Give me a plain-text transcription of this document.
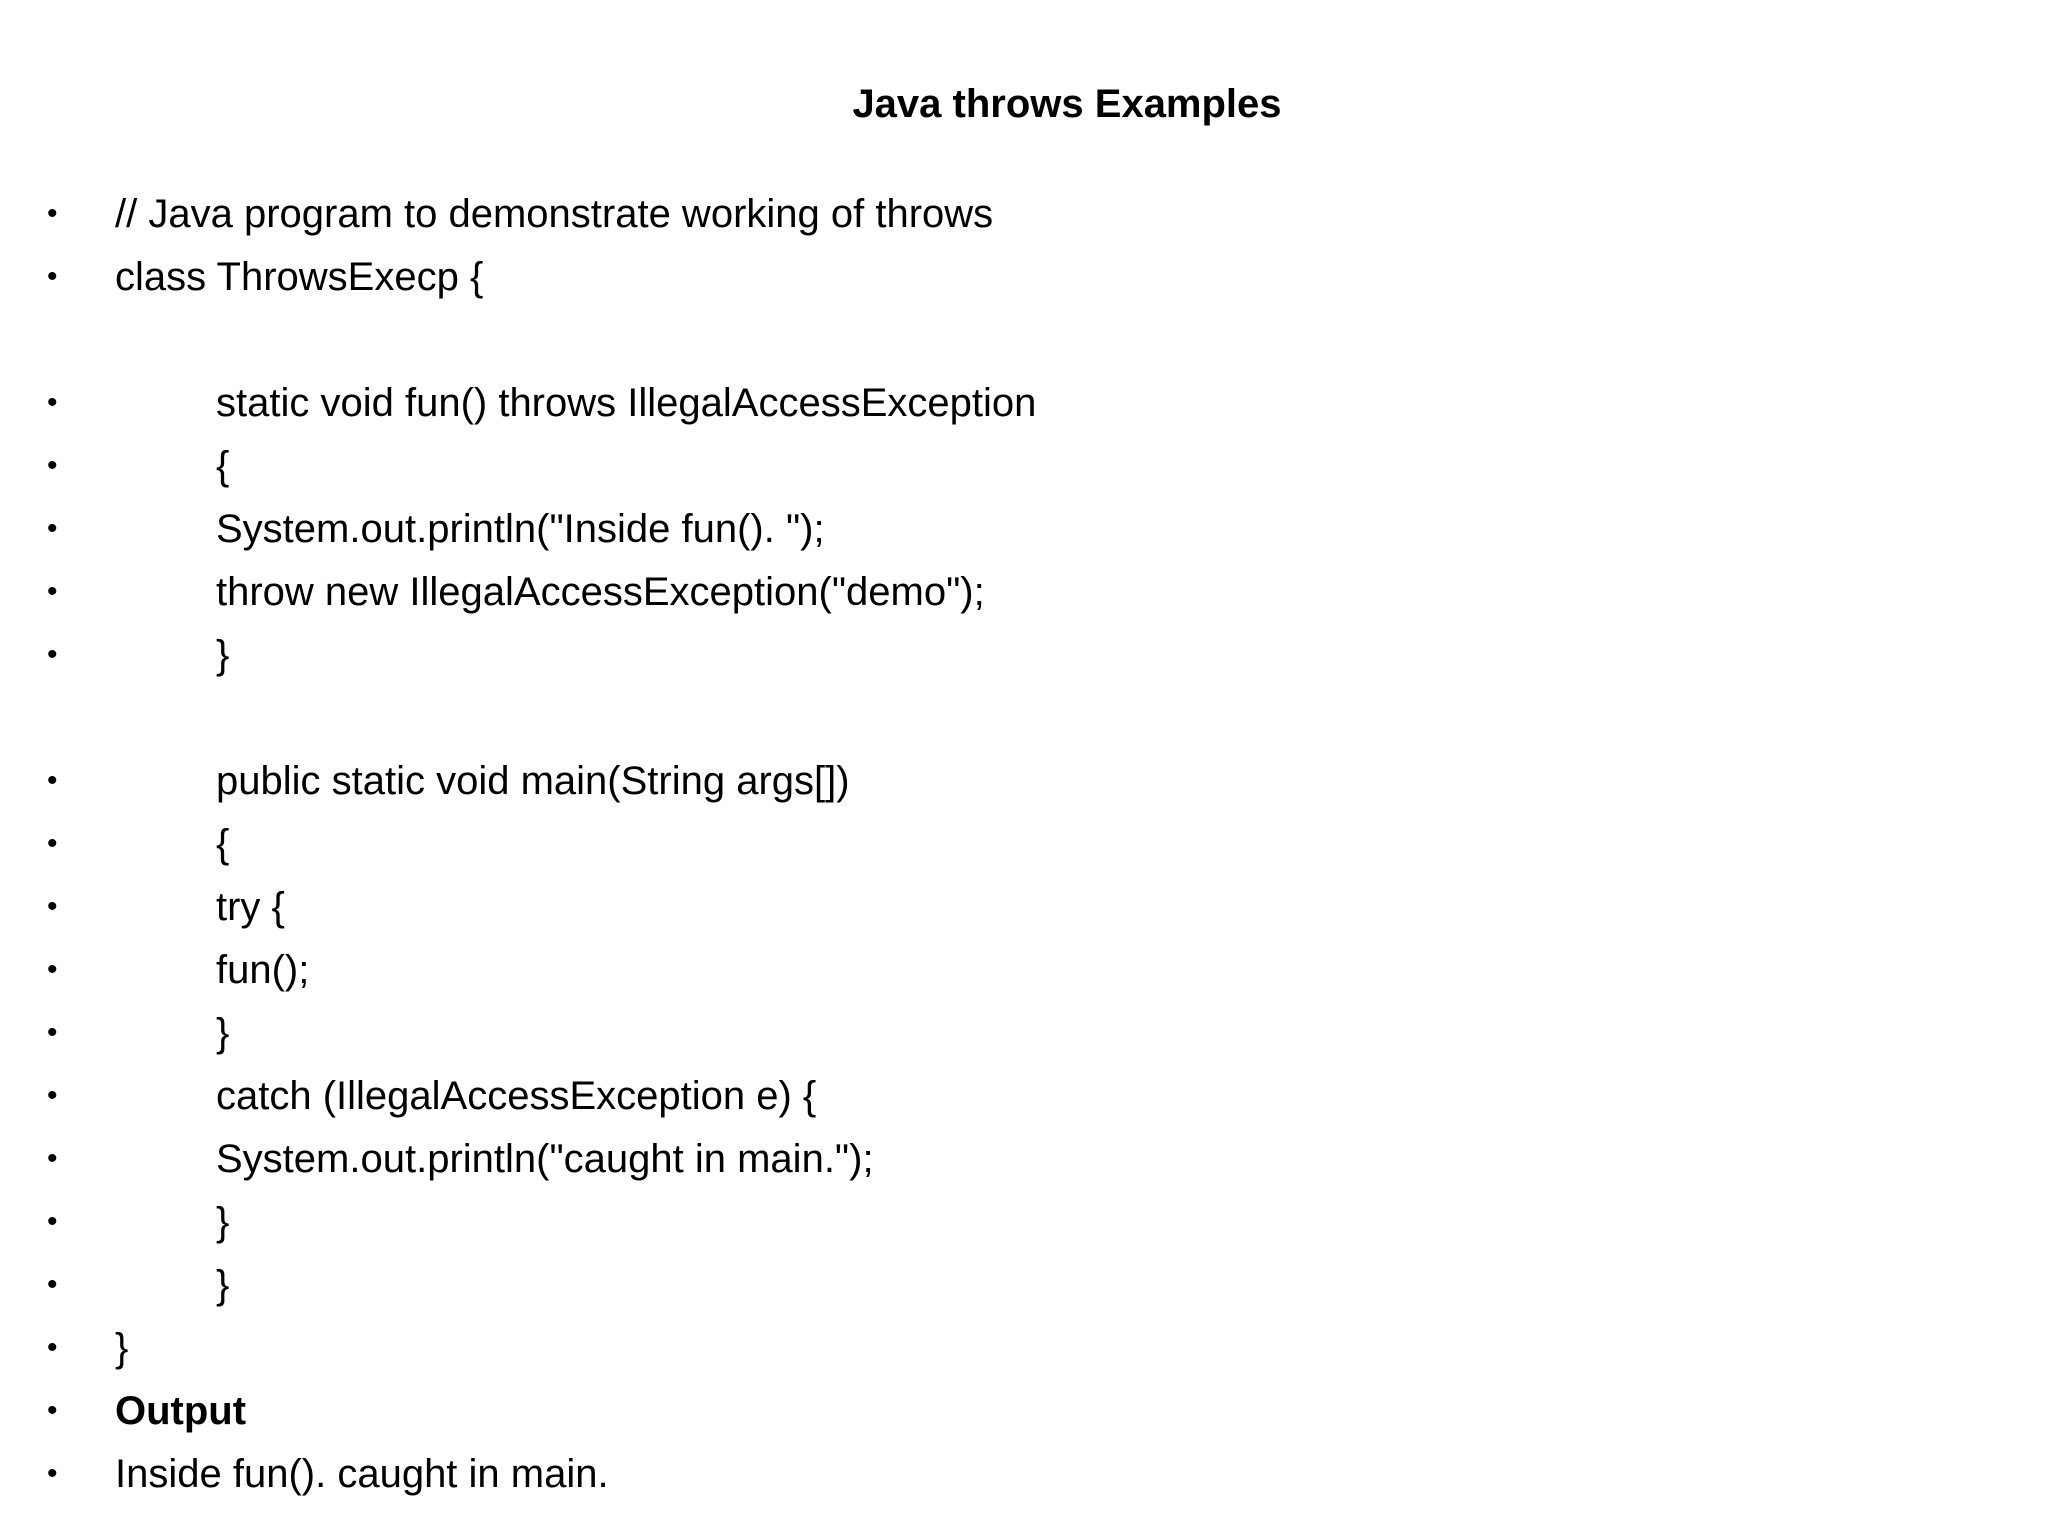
Java throws Examples
• // Java program to demonstrate working of throws
• class ThrowsExecp {
•	static void fun() throws IllegalAccessException
•	{
•	System.out.println("Inside fun(). ");
•	throw new IllegalAccessException("demo");
•	}
•	public static void main(String args[])
•	{
•	try {
•	fun();
•	}
•	catch (IllegalAccessException e) {
•	System.out.println("caught in main.");
•	}
•	}
• }
• Output
• Inside fun(). caught in main.
